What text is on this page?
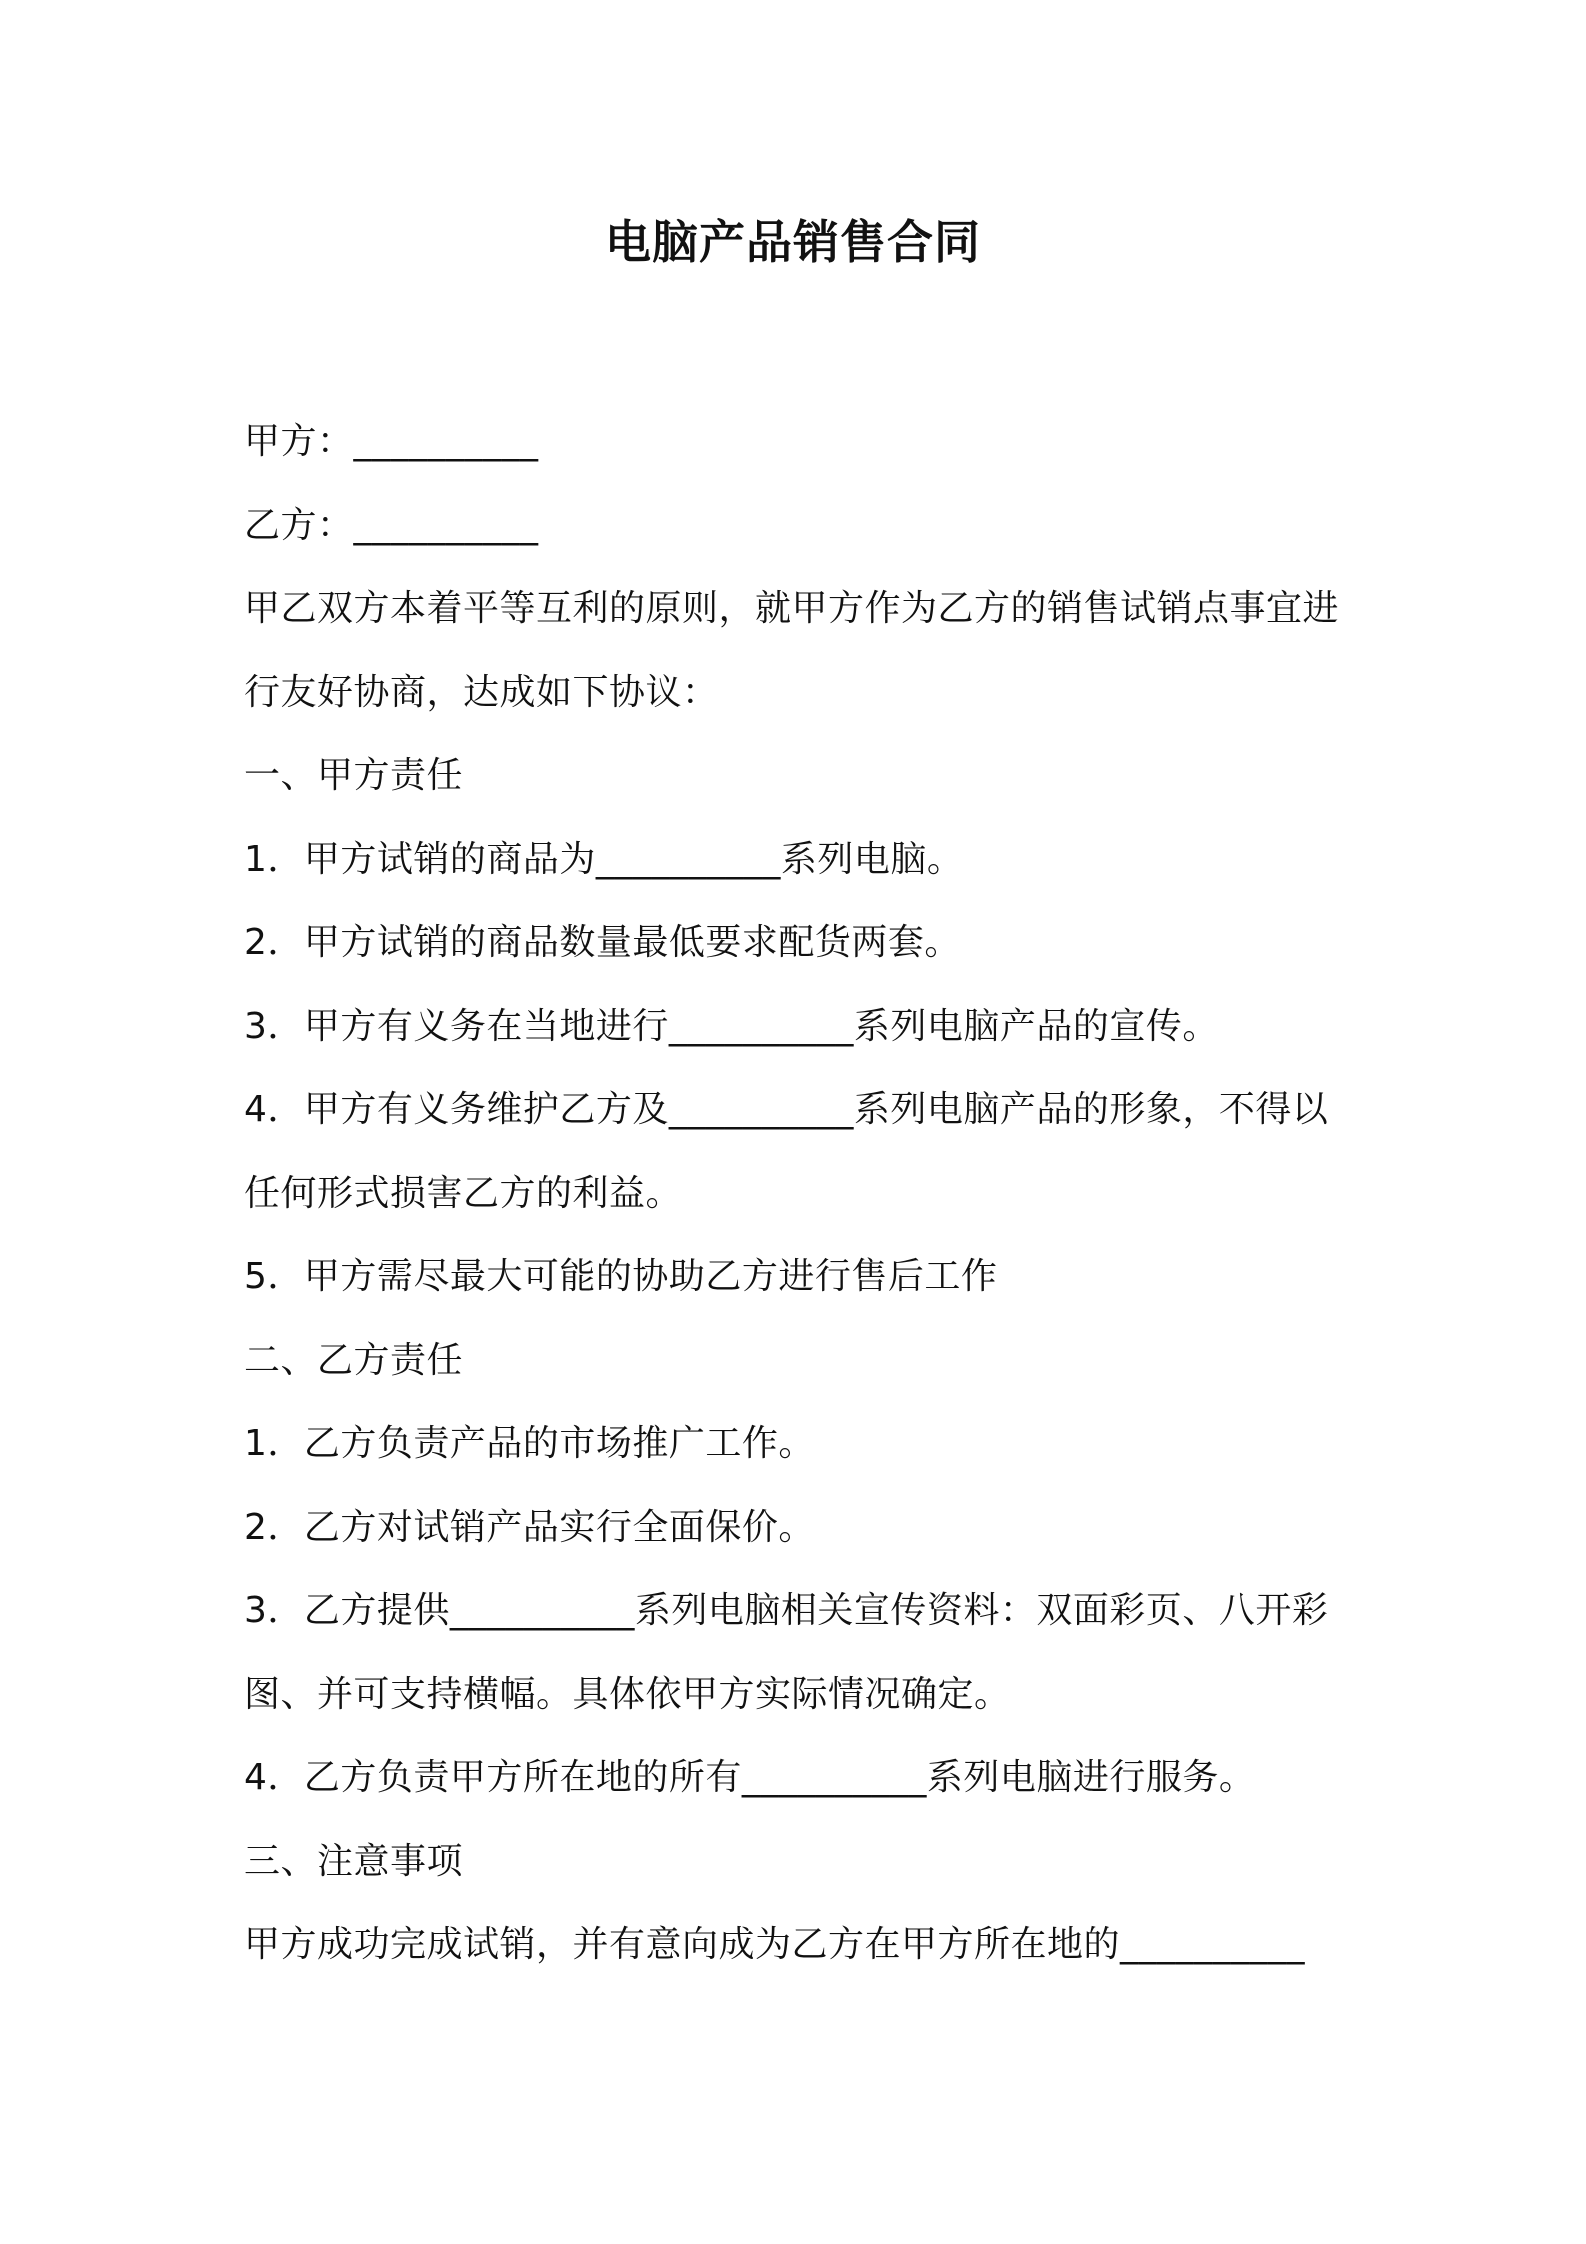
电脑产品销售合同
甲方：__________
乙方：__________
甲乙双方本着平等互利的原则，就甲方作为乙方的销售试销点事宜进
行友好协商，达成如下协议：
一、甲方责任
1．甲方试销的商品为__________系列电脑。
2．甲方试销的商品数量最低要求配货两套。
3．甲方有义务在当地进行__________系列电脑产品的宣传。
4．甲方有义务维护乙方及__________系列电脑产品的形象，不得以
任何形式损害乙方的利益。
5．甲方需尽最大可能的协助乙方进行售后工作
二、乙方责任
1．乙方负责产品的市场推广工作。
2．乙方对试销产品实行全面保价。
3．乙方提供__________系列电脑相关宣传资料：双面彩页、八开彩
图、并可支持横幅。具体依甲方实际情况确定。
4．乙方负责甲方所在地的所有__________系列电脑进行服务。
三、注意事项
甲方成功完成试销，并有意向成为乙方在甲方所在地的__________
